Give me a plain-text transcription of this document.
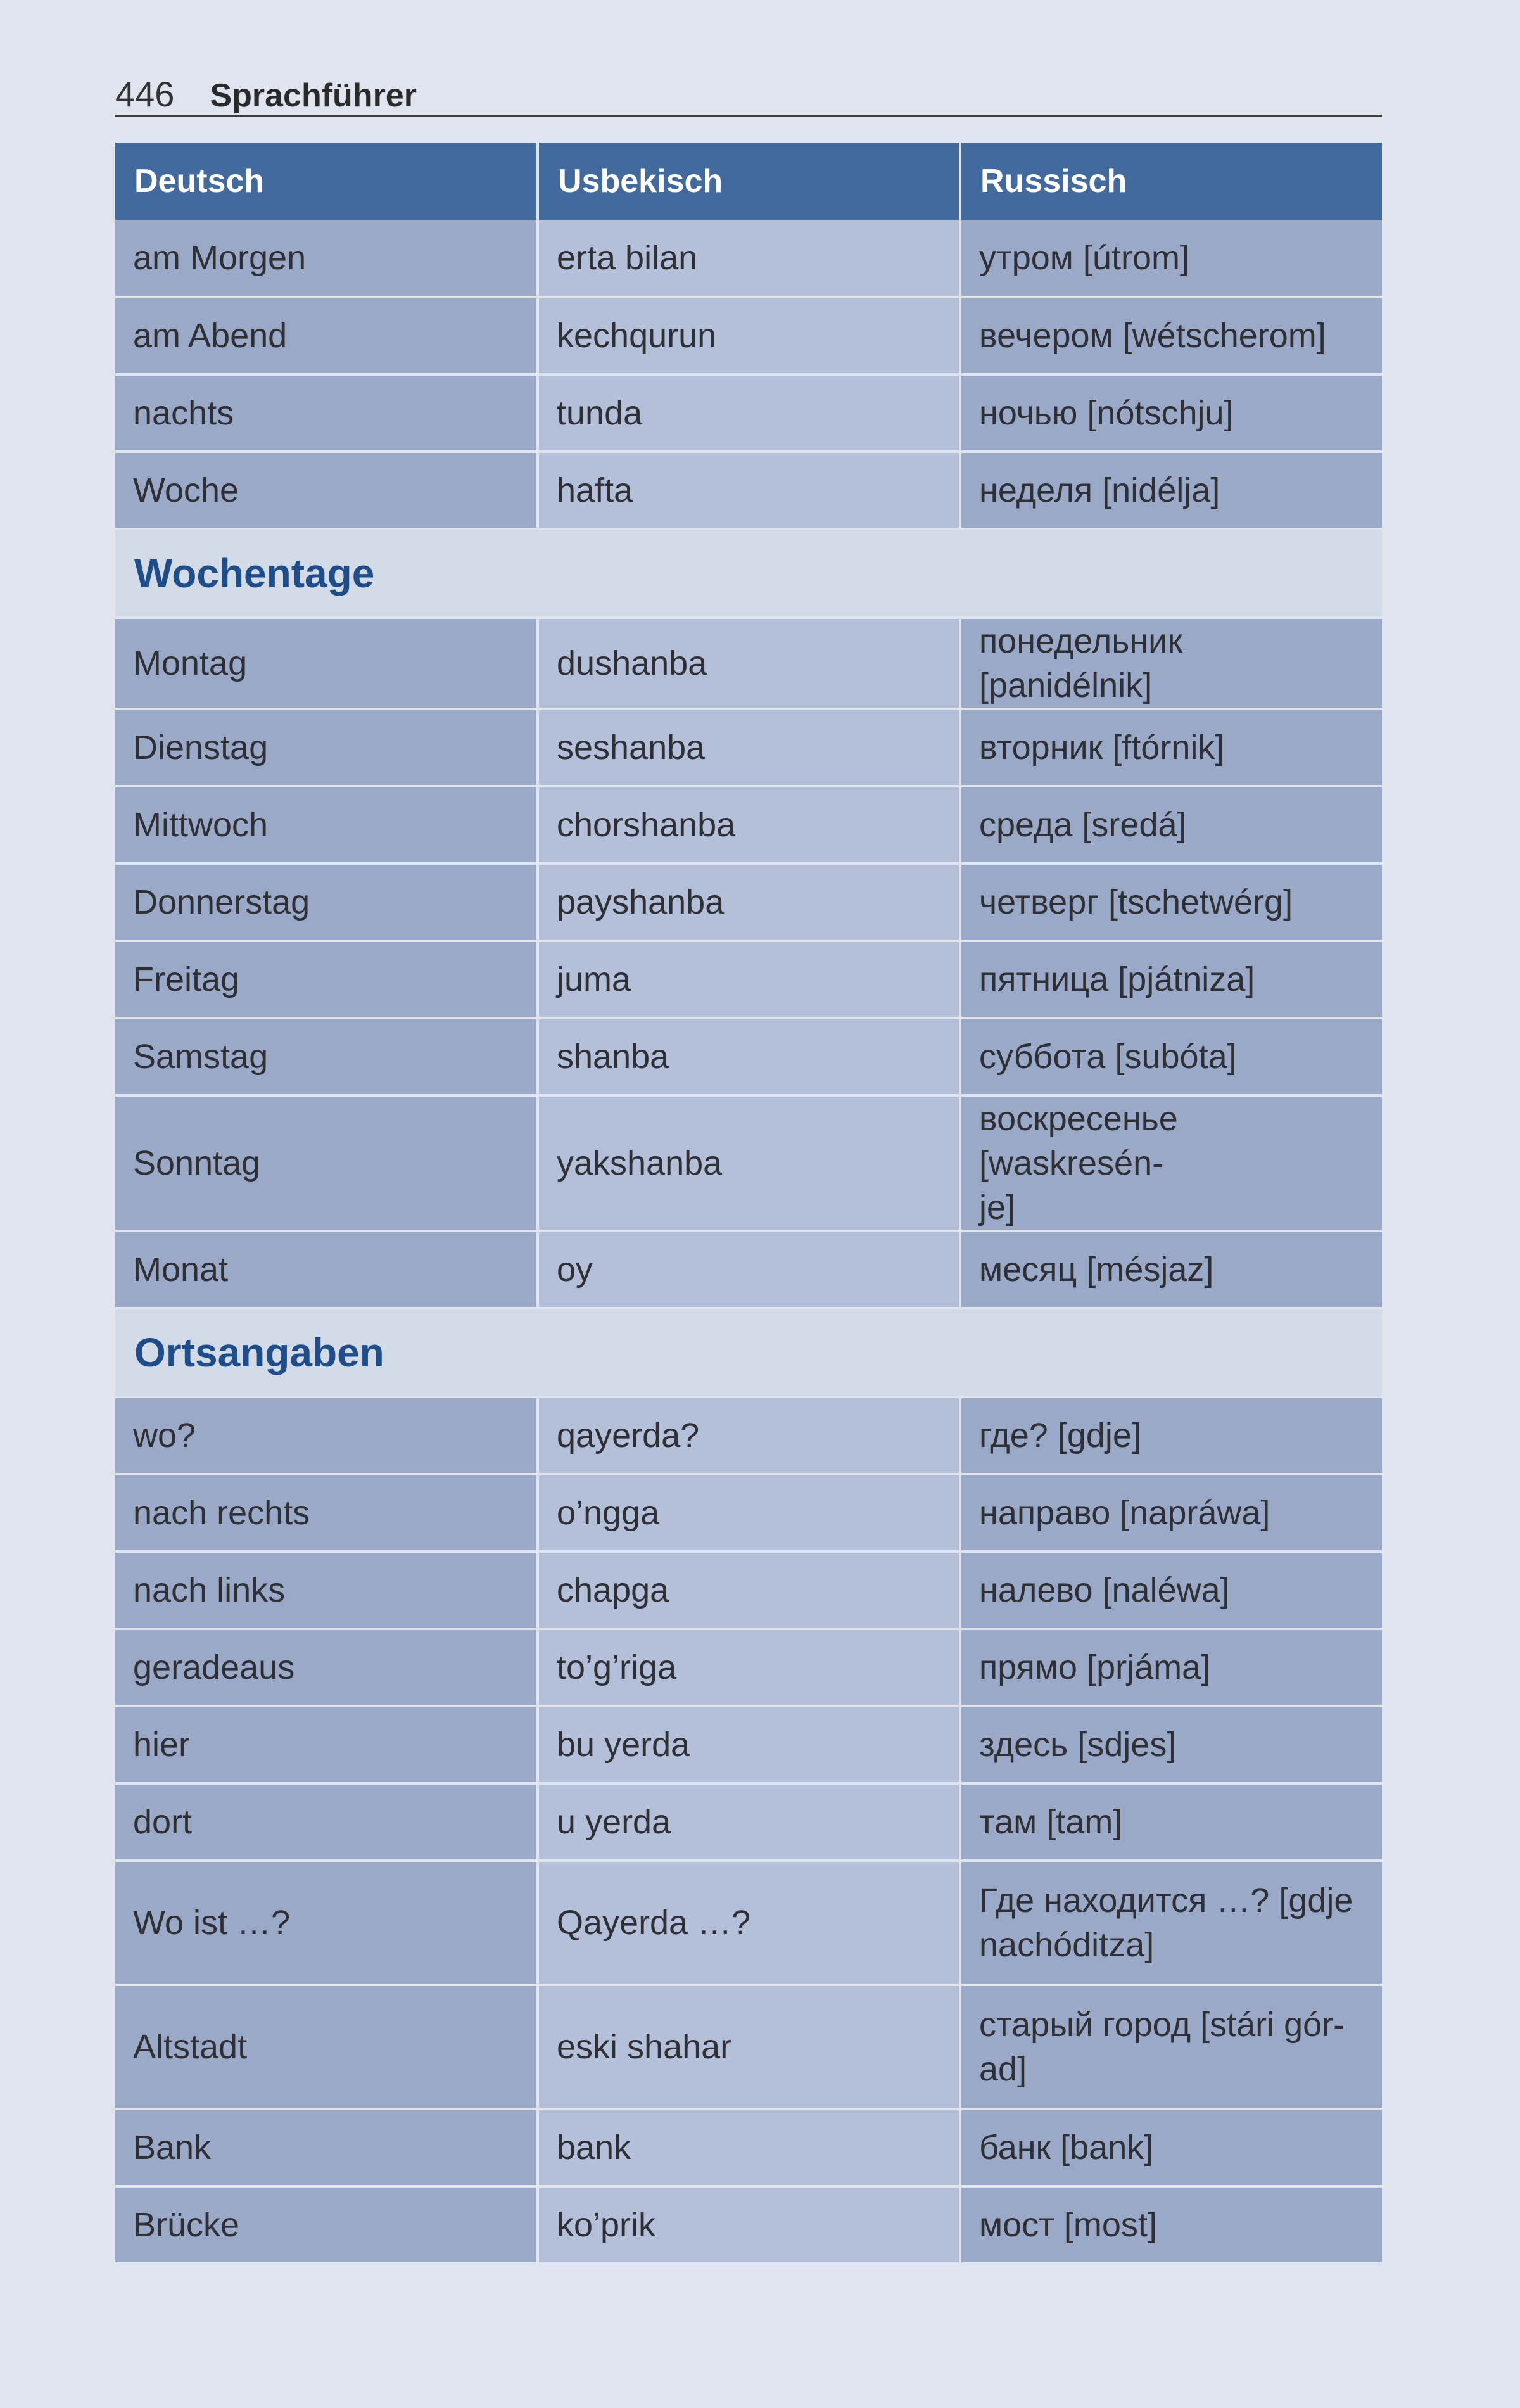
446 Sprachführer
Deutsch	Usbekisch	Russisch
am Morgen	erta bilan	утром [útrom]
am Abend	kechqurun	вечером [wétscherom]
nachts	tunda	ночью [nótschju]
Woche	hafta	неделя [nidélja]
Wochentage		
Montag	dushanba	понедельник [panidélnik]
Dienstag	seshanba	вторник [ftórnik]
Mittwoch	chorshanba	среда [sredá]
Donnerstag	payshanba	четверг [tschetwérg]
Freitag	juma	пятница [pjátniza]
Samstag	shanba	суббота [subóta]
Sonntag	yakshanba	воскресенье [waskresén-
je]
Monat	oy	месяц [mésjaz]
Ortsangaben		
wo?	qayerda?	где? [gdje]
nach rechts	o’ngga	направо [napráwa]
nach links	chapga	налево [naléwa]
geradeaus	to’g’riga	прямо [prjáma]
hier	bu yerda	здесь [sdjes]
dort	u yerda	там [tam]
Wo ist …?	Qayerda …?	Где находится …? [gdje
nachóditza]
Altstadt	eski shahar	старый город [stári gór-
ad]
Bank	bank	банк [bank]
Brücke	ko’prik	мост [most]
